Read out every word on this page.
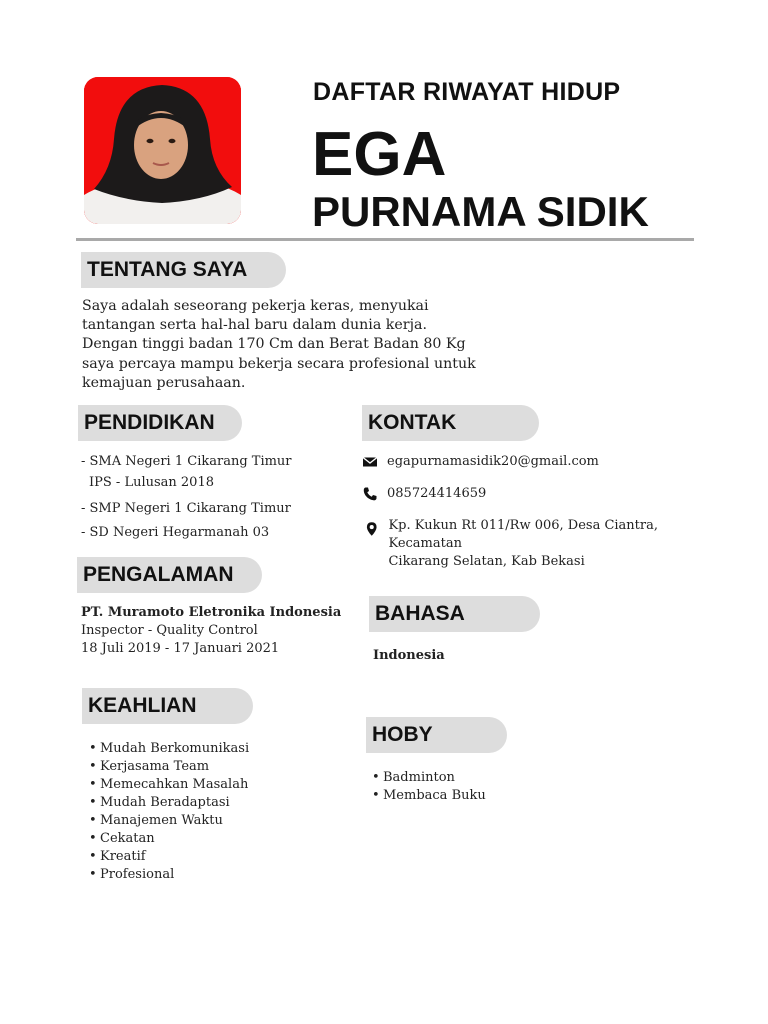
DAFTAR RIWAYAT HIDUP
EGA
PURNAMA SIDIK
TENTANG SAYA
Saya adalah seseorang pekerja keras, menyukai
tantangan serta hal-hal baru dalam dunia kerja.
Dengan tinggi badan 170 Cm dan Berat Badan 80 Kg
saya percaya mampu bekerja secara profesional untuk
kemajuan perusahaan.
PENDIDIKAN
- SMA Negeri 1 Cikarang Timur
IPS - Lulusan 2018
- SMP Negeri 1 Cikarang Timur
- SD Negeri Hegarmanah 03
PENGALAMAN
PT. Muramoto Eletronika Indonesia
Inspector - Quality Control
18 Juli 2019 - 17 Januari 2021
KEAHLIAN
• Mudah Berkomunikasi
• Kerjasama Team
• Memecahkan Masalah
• Mudah Beradaptasi
• Manajemen Waktu
• Cekatan
• Kreatif
• Profesional
KONTAK
egapurnamasidik20@gmail.com
085724414659
Kp. Kukun Rt 011/Rw 006, Desa Ciantra, Kecamatan
Cikarang Selatan, Kab Bekasi
BAHASA
Indonesia
HOBY
• Badminton
• Membaca Buku
